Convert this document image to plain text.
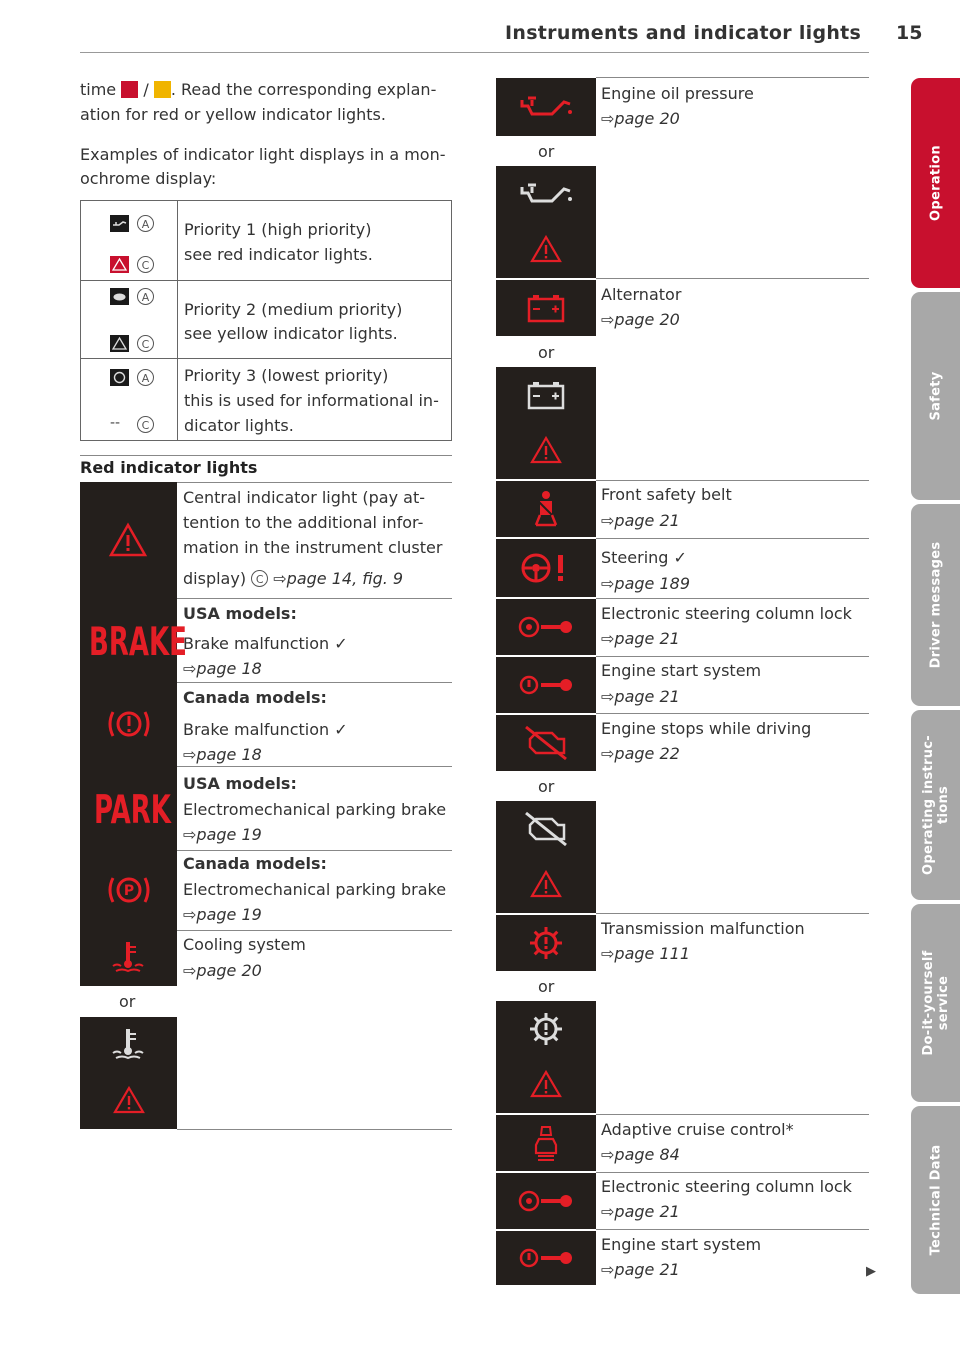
Instruments and indicator lights 15
time / . Read the corresponding explan-
ation for red or yellow indicator lights.
Examples of indicator light displays in a mon-
ochrome display:
A
C
Priority 1 (high priority)
see red indicator lights.
A
C
Priority 2 (medium priority)
see yellow indicator lights.
A
--	C
Priority 3 (lowest priority)
this is used for informational in-
dicator lights.
Red indicator lights
BRAKE
PARK
P
or
Central indicator light (pay at-
tention to the additional infor-
mation in the instrument cluster
display) C ⇨page 14, fig. 9
USA models:
Brake malfunction ✓
⇨page 18
Canada models:
Brake malfunction ✓
⇨page 18
USA models:
Electromechanical parking brake
⇨page 19
Canada models:
Electromechanical parking brake
⇨page 19
Cooling system
⇨page 20
or
or
or
or
Engine oil pressure
⇨page 20
Alternator
⇨page 20
Front safety belt
⇨page 21
Steering ✓
⇨page 189
Electronic steering column lock
⇨page 21
Engine start system
⇨page 21
Engine stops while driving
⇨page 22
Transmission malfunction
⇨page 111
Adaptive cruise control*
⇨page 84
Electronic steering column lock
⇨page 21
Engine start system
⇨page 21	▶
Operation
Safety
Driver messages
Operating instruc-
tions
Do-it-yourself
service
Technical Data
